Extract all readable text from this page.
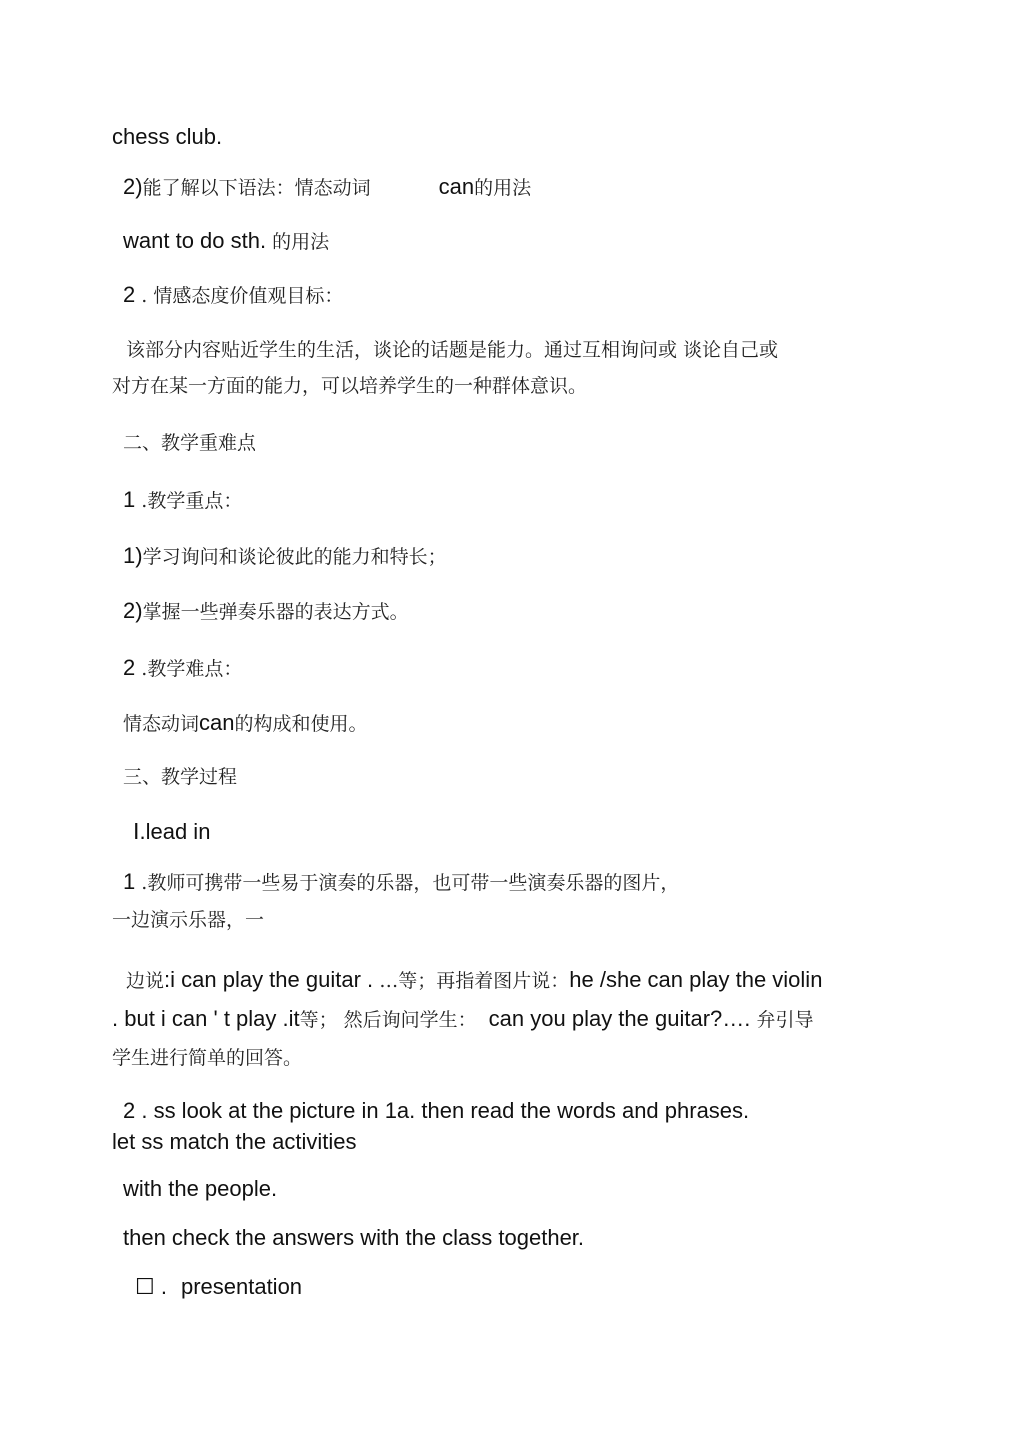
chess club.
2)能了解以下语法：情态动词	can的用法
want to do sth. 的用法
2 . 情感态度价值观目标：
该部分内容贴近学生的生活，谈论的话题是能力。通过互相询问或 谈论自己或
对方在某一方面的能力，可以培养学生的一种群体意识。
二、教学重难点
1 .教学重点：
1)学习询问和谈论彼此的能力和特长；
2)掌握一些弹奏乐器的表达方式。
2 .教学难点：
情态动词can的构成和使用。
三、教学过程
Ⅰ.lead in
1 .教师可携带一些易于演奏的乐器，也可带一些演奏乐器的图片，
一边演示乐器，一
边说:i can play the guitar . …等；再指着图片说：he /she can play the violin
. but i can ' t play .it等； 然后询问学生： can you play the guitar?…. 弁引导
学生进行简单的回答。
2 . ss look at the picture in 1a. then read the words and phrases.
let ss match the activities
with the people.
then check the answers with the class together.
☐ . presentation
